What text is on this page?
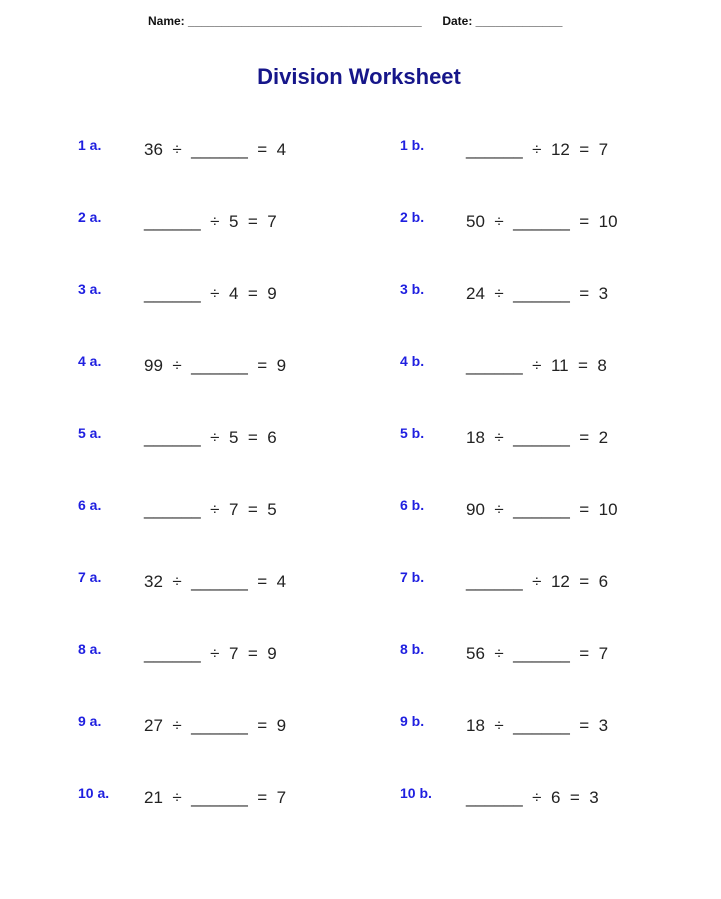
Name: ___________________________________ Date: _____________
Division Worksheet
1 a.	36  ÷  ______  =  4
2 a.	______  ÷  5  =  7
3 a.	______  ÷  4  =  9
4 a.	99  ÷  ______  =  9
5 a.	______  ÷  5  =  6
6 a.	______  ÷  7  =  5
7 a.	32  ÷  ______  =  4
8 a.	______  ÷  7  =  9
9 a.	27  ÷  ______  =  9
10 a. 21  ÷  ______  =  7
1 b. ______  ÷  12  =  7
2 b. 50  ÷  ______  =  10
3 b. 24  ÷  ______  =  3
4 b. ______  ÷  11  =  8
5 b. 18  ÷  ______  =  2
6 b. 90  ÷  ______  =  10
7 b. ______  ÷  12  =  6
8 b. 56  ÷  ______  =  7
9 b. 18  ÷  ______  =  3
10 b. ______  ÷  6  =  3
